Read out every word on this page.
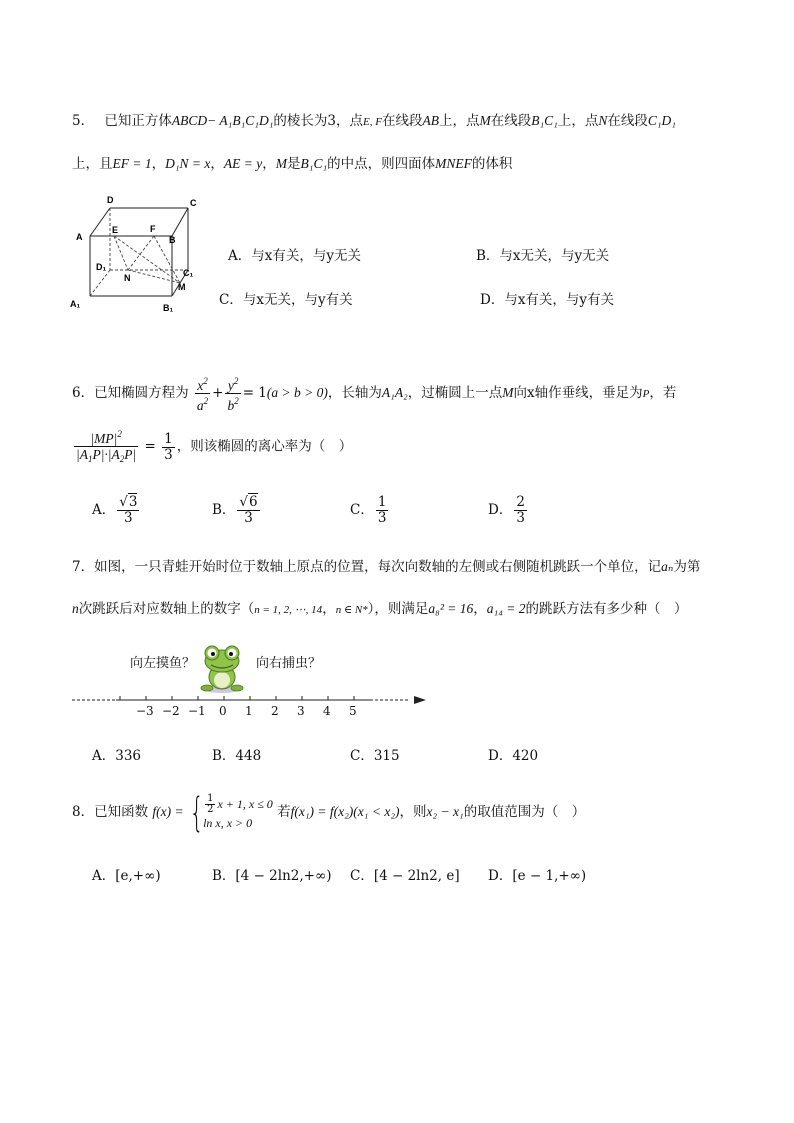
5． 已知正方体ABCD− A₁B₁C₁D₁的棱长为3，点E, F在线段AB上，点M在线段B₁C₁上，点N在线段C₁D₁
上，且EF = 1，D₁N = x，AE = y，M是B₁C₁的中点，则四面体MNEF的体积
D	C
A
E	F
B
D₁
N	C₁
M
A₁	B₁
A．与x有关，与y无关	B．与x无关，与y无关
C．与x无关，与y有关	D．与x有关，与y有关
6．已知椭圆方程为 $\frac{x^2}{a^2} + \frac{y^2}{b^2} = 1(a > b > 0)$，长轴为A₁A₂，过椭圆上一点M向x轴作垂线，垂足为P，若
$\frac{|MP|^2}{|A_1P|\cdot|A_2P|} = \frac{1}{3}$ ，则该椭圆的离心率为（　）
A． $\frac{√3}{3}$	B． $\frac{√6}{3}$	C． $\frac{1}{3}$	D． $\frac{2}{3}$
7．如图，一只青蛙开始时位于数轴上原点的位置，每次向数轴的左侧或右侧随机跳跃一个单位，记aₙ为第
n次跳跃后对应数轴上的数字（n = 1, 2, ⋯, 14，n ∈ N*），则满足a₈² = 16，a₁₄ = 2的跳跃方法有多少种（　）
向左摸鱼？	向右捕虫？
−3 −2 −1 0 1 2 3 4 5
A．336	B．448	C．315	D．420
8．已知函数 f(x) = { $\frac{1}{2}$ x + 1, x ≤ 0
ln x, x > 0
若f(x₁) = f(x₂)(x₁ < x₂)，则x₂ − x₁的取值范围为（　）
A．[e,+∞)	B．[4 − 2ln2,+∞) C．[4 − 2ln2, e] D．[e − 1,+∞)
